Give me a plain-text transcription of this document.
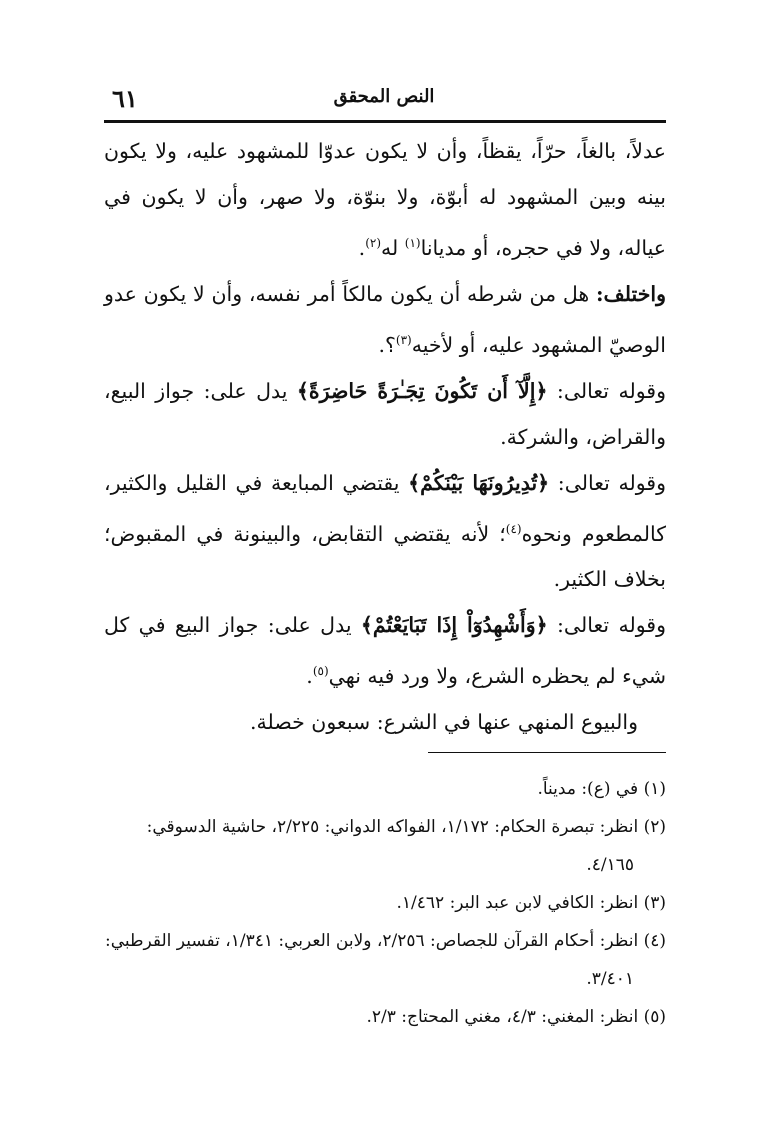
٦١	النص المحقق

عدلاً، بالغاً، حرّاً، يقظاً، وأن لا يكون عدوّا للمشهود عليه، ولا يكون بينه وبين المشهود له أبوّة، ولا بنوّة، ولا صهر، وأن لا يكون في عياله، ولا في حجره، أو مديانا$^{(١)}$ له$^{(٢)}$.

واختلف: هل من شرطه أن يكون مالكاً أمر نفسه، وأن لا يكون عدو الوصيّ المشهود عليه، أو لأخيه$^{(٣)}$؟.

وقوله تعالى: ﴿إِلَّآ أَن تَكُونَ تِجَـٰرَةً حَاضِرَةً﴾ يدل على: جواز البيع، والقراض، والشركة.

وقوله تعالى: ﴿تُدِيرُونَهَا بَيْنَكُمْ﴾ يقتضي المبايعة في القليل والكثير، كالمطعوم ونحوه$^{(٤)}$؛ لأنه يقتضي التقابض، والبينونة في المقبوض؛ بخلاف الكثير.

وقوله تعالى: ﴿وَأَشْهِدُوٓاْ إِذَا تَبَايَعْتُمْ﴾ يدل على: جواز البيع في كل شيء لم يحظره الشرع، ولا ورد فيه نهي$^{(٥)}$.

والبيوع المنهي عنها في الشرع: سبعون خصلة.

(١) في (ع): مديناً.

(٢) انظر: تبصرة الحكام: ١/١٧٢، الفواكه الدواني: ٢/٢٢٥، حاشية الدسوقي:
٤/١٦٥.

(٣) انظر: الكافي لابن عبد البر: ١/٤٦٢.

(٤) انظر: أحكام القرآن للجصاص: ٢/٢٥٦، ولابن العربي: ١/٣٤١، تفسير القرطبي:
٣/٤٠١.

(٥) انظر: المغني: ٤/٣، مغني المحتاج: ٢/٣.
